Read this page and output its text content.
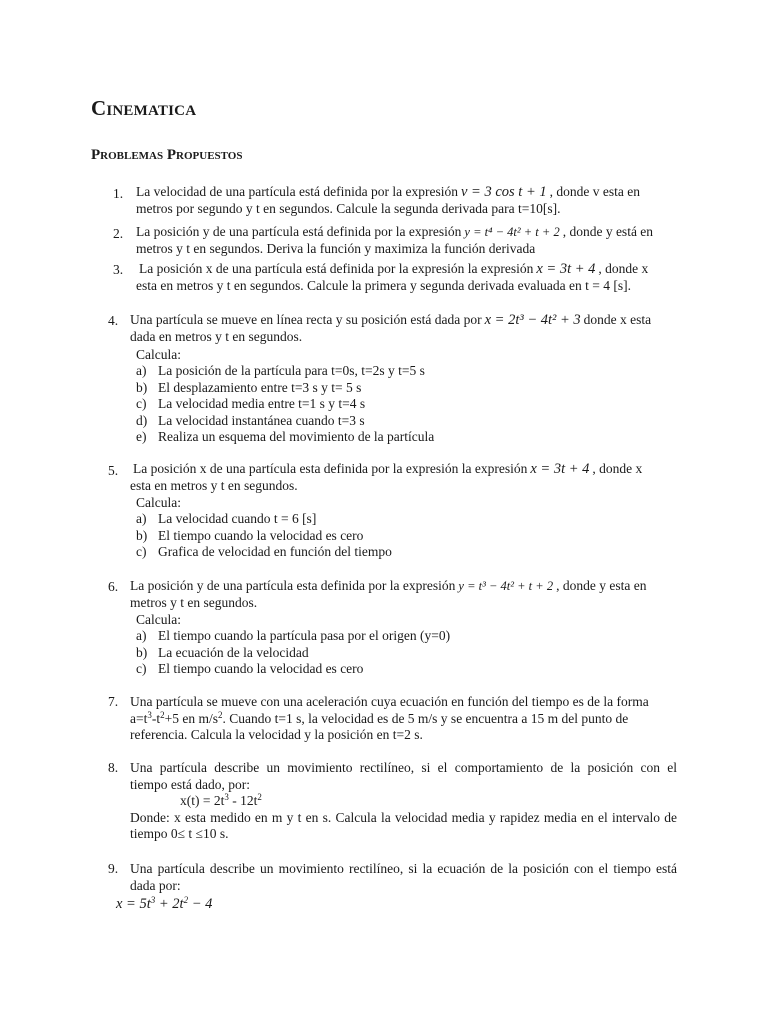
Cinematica
Problemas Propuestos
1. La velocidad de una partícula está definida por la expresión v = 3 cos t + 1 , donde v esta en
metros por segundo y t en segundos. Calcule la segunda derivada para t=10[s].
2. La posición y de una partícula está definida por la expresión y = t⁴ − 4t² + t + 2 , donde y está en
metros y t en segundos. Deriva la función y maximiza la función derivada
3. La posición x de una partícula está definida por la expresión la expresión x = 3t + 4 , donde x
esta en metros y t en segundos. Calcule la primera y segunda derivada evaluada en t = 4 [s].
4. Una partícula se mueve en línea recta y su posición está dada por x = 2t³ − 4t² + 3 donde x esta
dada en metros y t en segundos.
Calcula:
a) La posición de la partícula para t=0s, t=2s y t=5 s
b) El desplazamiento entre t=3 s y t= 5 s
c) La velocidad media entre t=1 s y t=4 s
d) La velocidad instantánea cuando t=3 s
e) Realiza un esquema del movimiento de la partícula
5. La posición x de una partícula esta definida por la expresión la expresión x = 3t + 4 , donde x
esta en metros y t en segundos.
Calcula:
a) La velocidad cuando t = 6 [s]
b) El tiempo cuando la velocidad es cero
c) Grafica de velocidad en función del tiempo
6. La posición y de una partícula esta definida por la expresión y = t³ − 4t² + t + 2 , donde y esta en
metros y t en segundos.
Calcula:
a) El tiempo cuando la partícula pasa por el origen (y=0)
b) La ecuación de la velocidad
c) El tiempo cuando la velocidad es cero
7. Una partícula se mueve con una aceleración cuya ecuación en función del tiempo es de la forma
$a=t^3-t^2+5$ en $m/s^2$. Cuando t=1 s, la velocidad es de 5 m/s y se encuentra a 15 m del punto de
referencia. Calcula la velocidad y la posición en t=2 s.
8. Una partícula describe un movimiento rectilíneo, si el comportamiento de la posición con el
tiempo está dado, por:
$x(t) = 2t^3 - 12t^2$
Donde: x esta medido en m y t en s. Calcula la velocidad media y rapidez media en el intervalo de
tiempo 0≤ t ≤10 s.
9. Una partícula describe un movimiento rectilíneo, si la ecuación de la posición con el tiempo está
dada por:
$x = 5t^3 + 2t^2 - 4$
